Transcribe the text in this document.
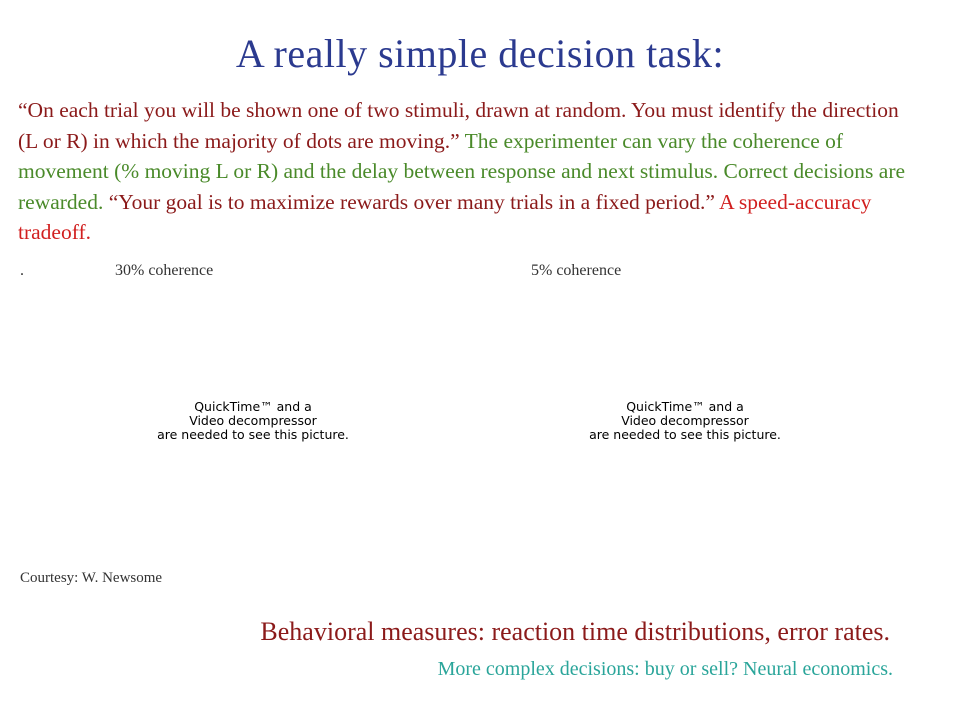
A really simple decision task:
“On each trial you will be shown one of two stimuli, drawn at random. You must identify the direction (L or R) in which the majority of dots are moving.” The experimenter can vary the coherence of movement (% moving L or R) and the delay between response and next stimulus. Correct decisions are rewarded. “Your goal is to maximize rewards over many trials in a fixed period.” A speed-accuracy tradeoff.
.	30% coherence	5% coherence
QuickTime™ and a
Video decompressor
are needed to see this picture.
QuickTime™ and a
Video decompressor
are needed to see this picture.
Courtesy: W. Newsome
Behavioral measures: reaction time distributions, error rates.
More complex decisions: buy or sell? Neural economics.
